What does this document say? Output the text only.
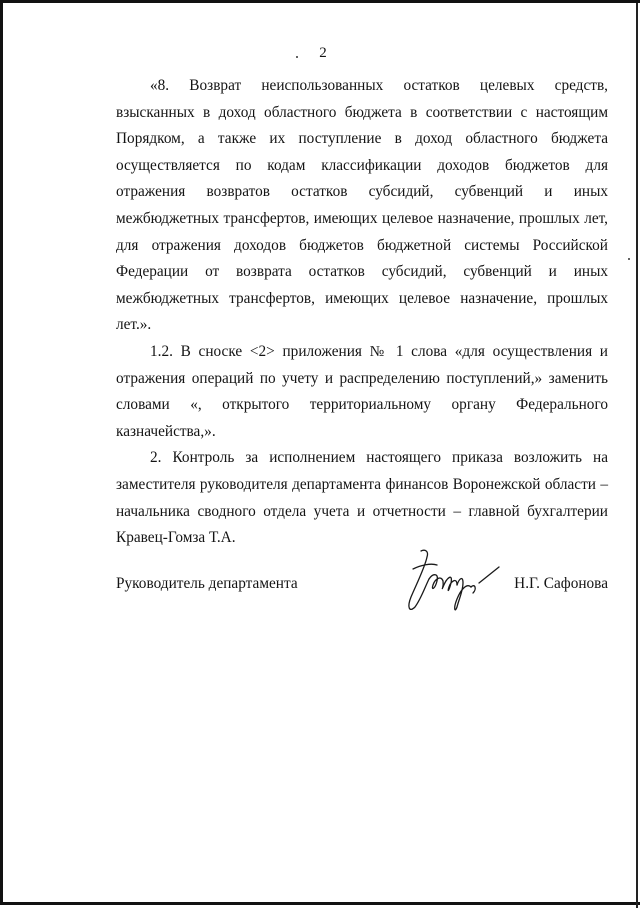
2

«8. Возврат неиспользованных остатков целевых средств, взысканных в доход областного бюджета в соответствии с настоящим Порядком, а также их поступление в доход областного бюджета осуществляется по кодам классификации доходов бюджетов для отражения возвратов остатков субсидий, субвенций и иных межбюджетных трансфертов, имеющих целевое назначение, прошлых лет, для отражения доходов бюджетов бюджетной системы Российской Федерации от возврата остатков субсидий, субвенций и иных межбюджетных трансфертов, имеющих целевое назначение, прошлых лет.».

1.2. В сноске <2> приложения № 1 слова «для осуществления и отражения операций по учету и распределению поступлений,» заменить словами «, открытого территориальному органу Федерального казначейства,».

2. Контроль за исполнением настоящего приказа возложить на заместителя руководителя департамента финансов Воронежской области – начальника сводного отдела учета и отчетности – главной бухгалтерии Кравец-Гомза Т.А.

Руководитель департамента	Н.Г. Сафонова
